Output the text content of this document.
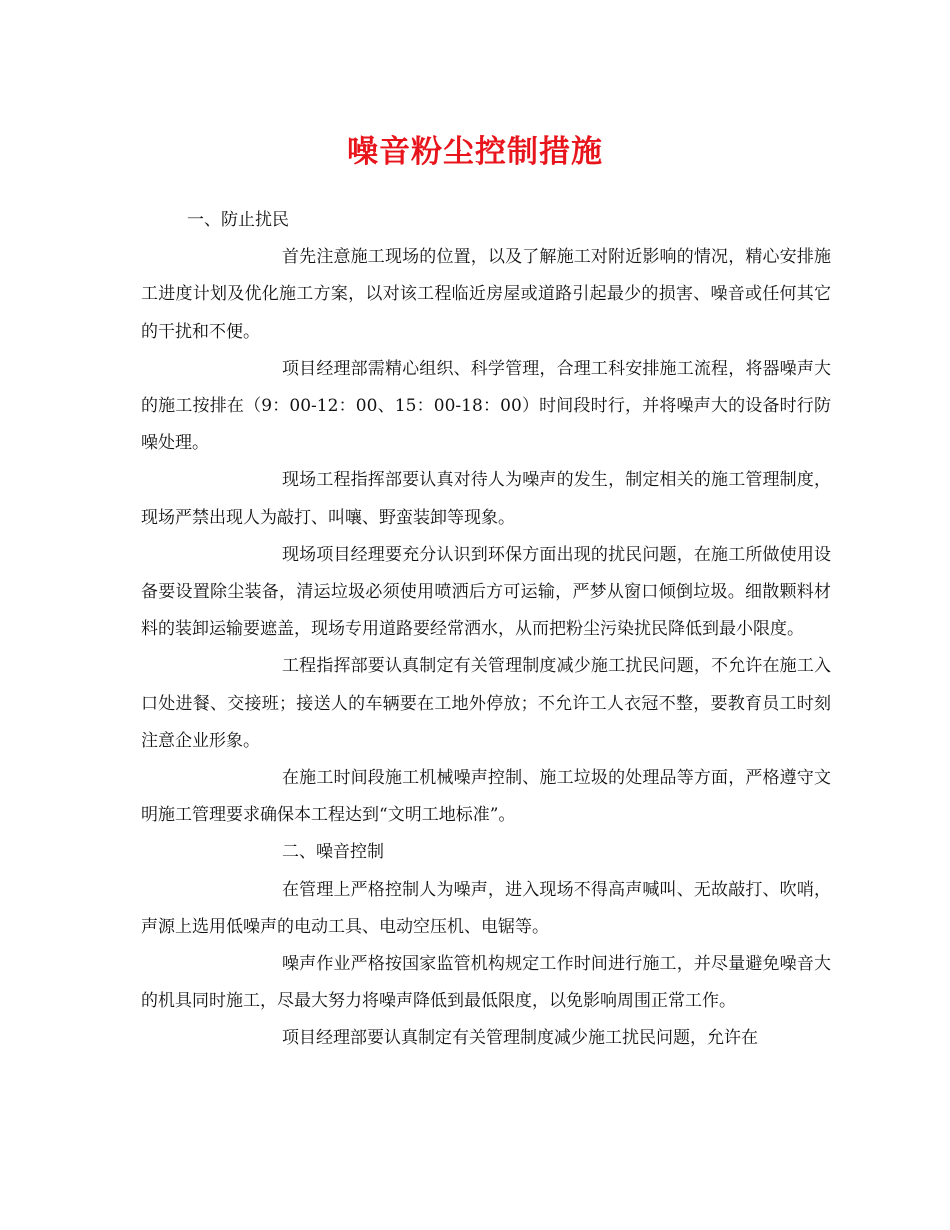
噪音粉尘控制措施

一、防止扰民

首先注意施工现场的位置，以及了解施工对附近影响的情况，精心安排施工进度计划及优化施工方案，以对该工程临近房屋或道路引起最少的损害、噪音或任何其它的干扰和不便。

项目经理部需精心组织、科学管理，合理工科安排施工流程，将器噪声大的施工按排在（9：00-12：00、15：00-18：00）时间段时行，并将噪声大的设备时行防噪处理。

现场工程指挥部要认真对待人为噪声的发生，制定相关的施工管理制度，现场严禁出现人为敲打、叫嚷、野蛮装卸等现象。

现场项目经理要充分认识到环保方面出现的扰民问题，在施工所做使用设备要设置除尘装备，清运垃圾必须使用喷洒后方可运输，严梦从窗口倾倒垃圾。细散颗料材料的装卸运输要遮盖，现场专用道路要经常洒水，从而把粉尘污染扰民降低到最小限度。

工程指挥部要认真制定有关管理制度减少施工扰民问题，不允许在施工入口处进餐、交接班；接送人的车辆要在工地外停放；不允许工人衣冠不整，要教育员工时刻注意企业形象。

在施工时间段施工机械噪声控制、施工垃圾的处理品等方面，严格遵守文明施工管理要求确保本工程达到“文明工地标准”。

二、噪音控制

在管理上严格控制人为噪声，进入现场不得高声喊叫、无故敲打、吹哨，声源上选用低噪声的电动工具、电动空压机、电锯等。

噪声作业严格按国家监管机构规定工作时间进行施工，并尽量避免噪音大的机具同时施工，尽最大努力将噪声降低到最低限度，以免影响周围正常工作。

项目经理部要认真制定有关管理制度减少施工扰民问题，允许在
